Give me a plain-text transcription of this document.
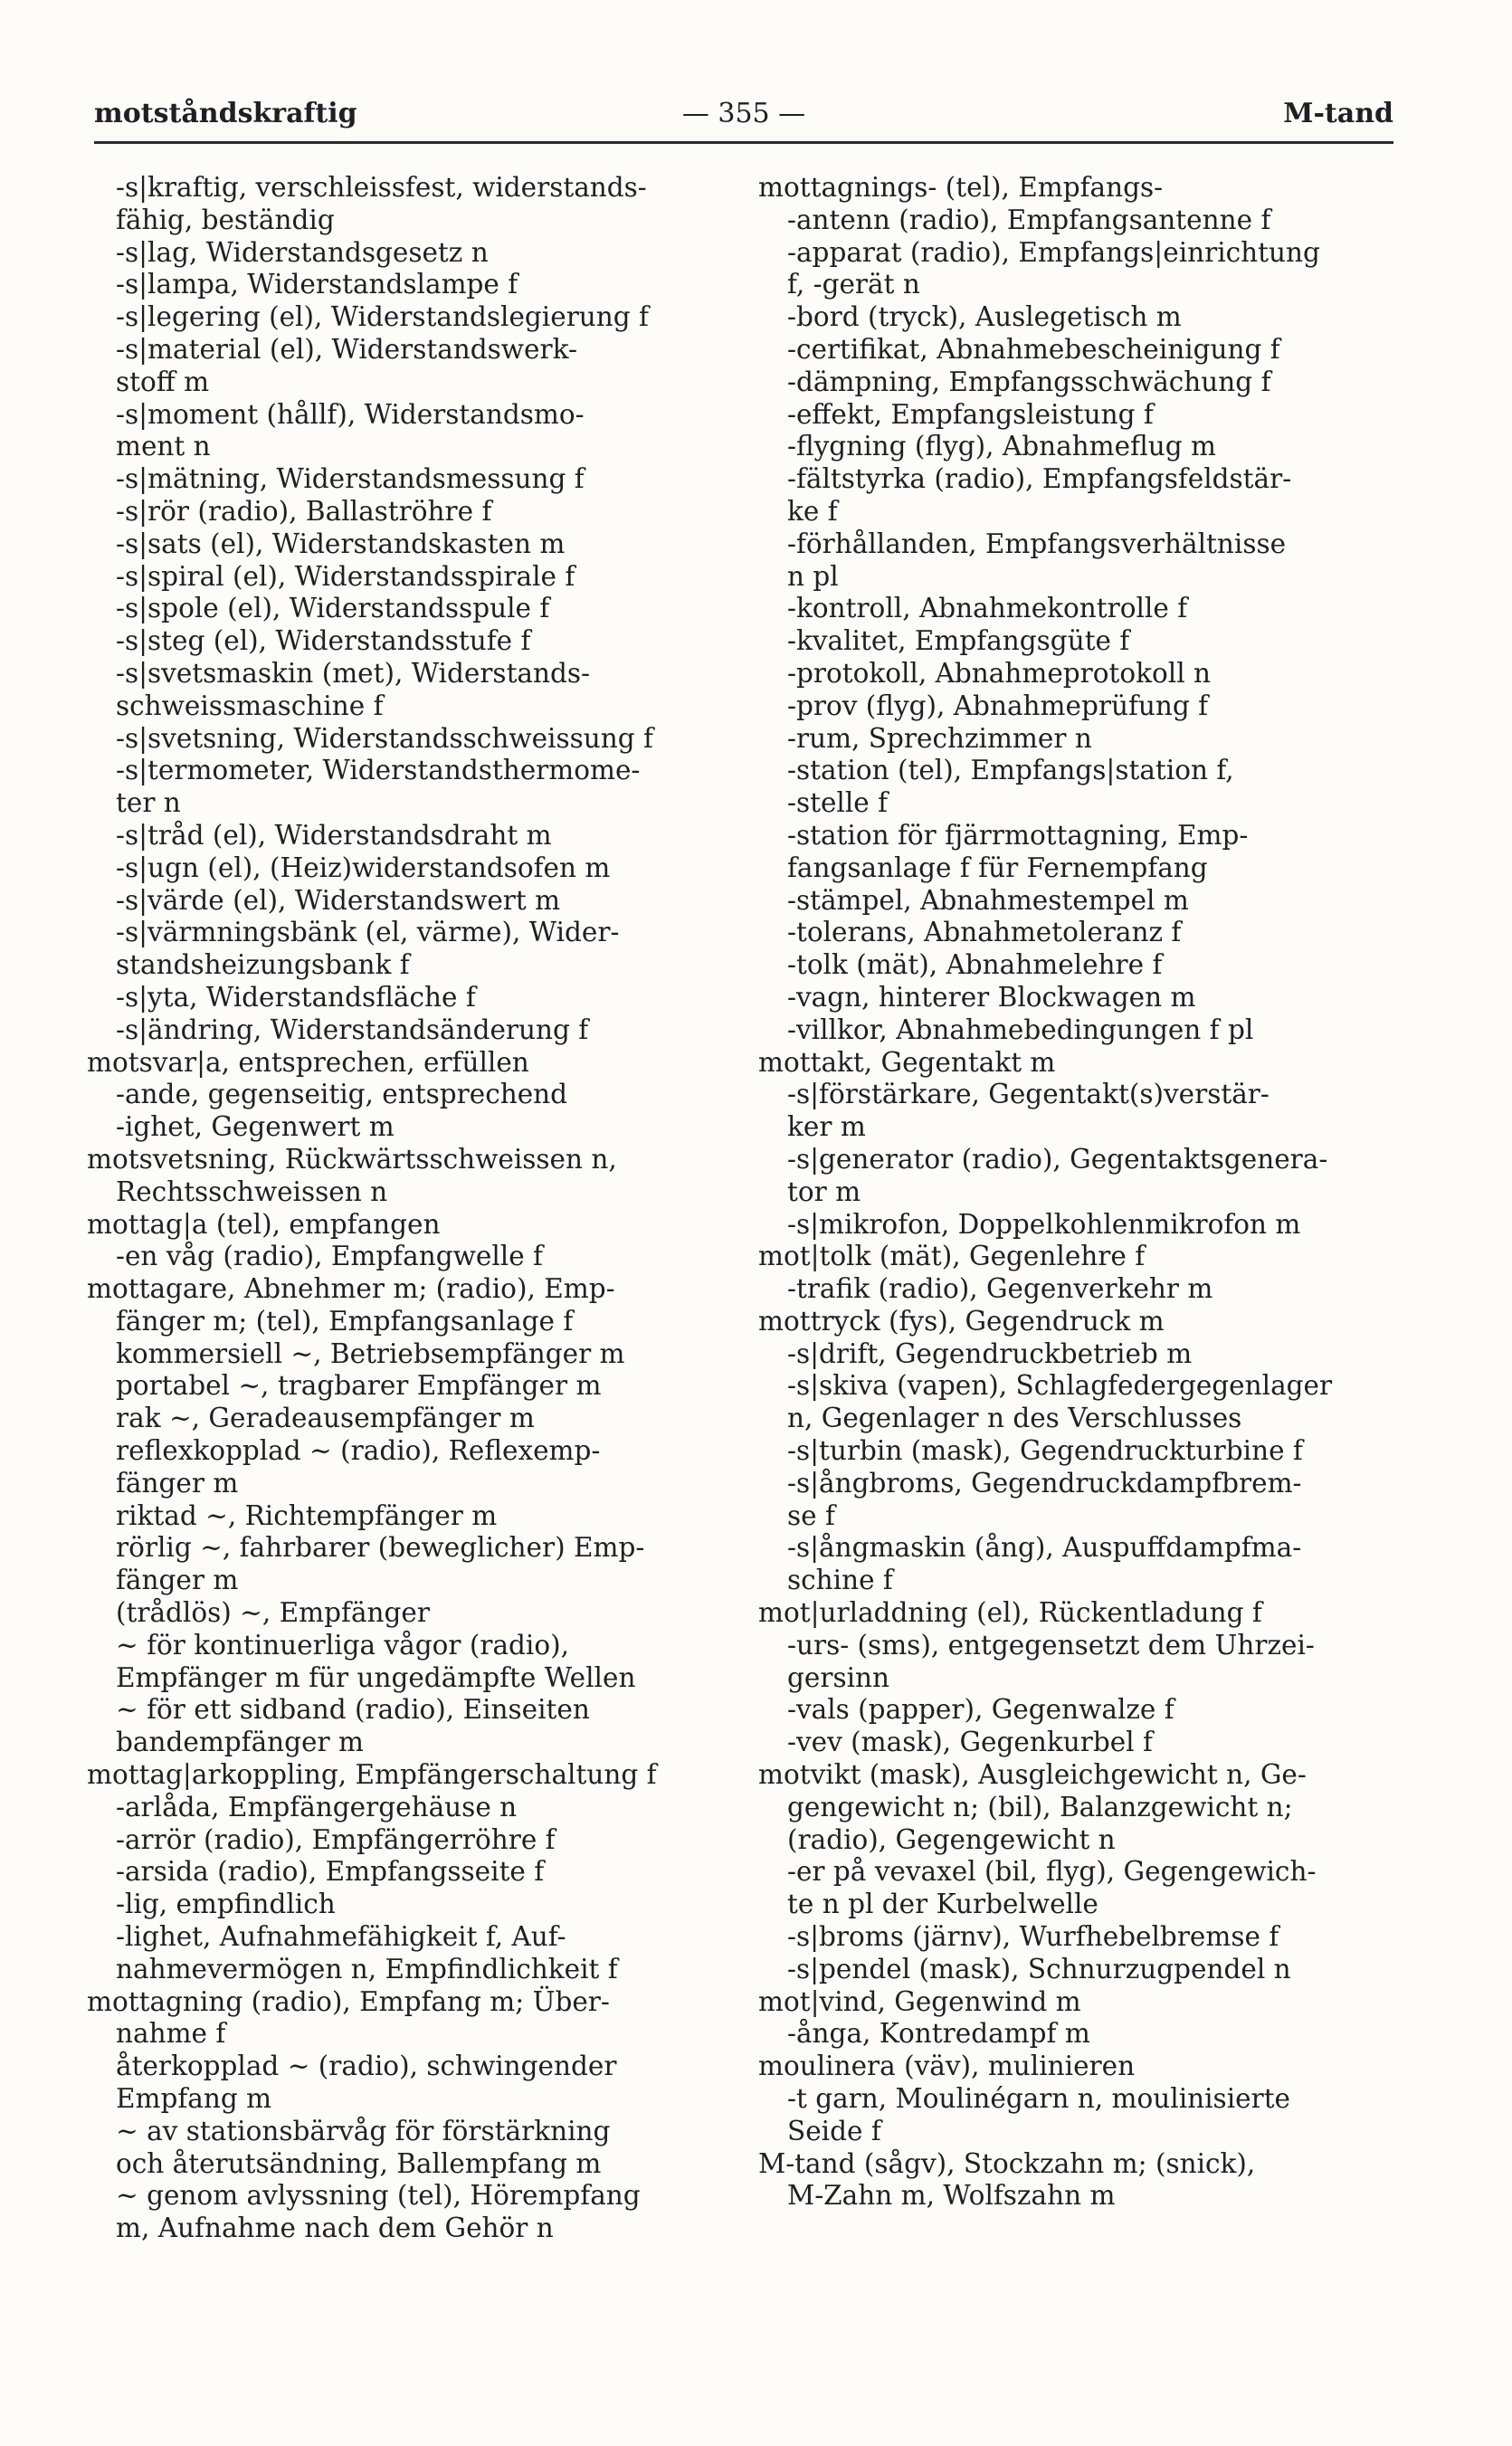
motståndskraftig	— 355 —	M-tand
-s|kraftig, verschleissfest, widerstands-
fähig, beständig
-s|lag, Widerstandsgesetz n
-s|lampa, Widerstandslampe f
-s|legering (el), Widerstandslegierung f
-s|material (el), Widerstandswerk-
stoff m
-s|moment (hållf), Widerstandsmo-
ment n
-s|mätning, Widerstandsmessung f
-s|rör (radio), Ballaströhre f
-s|sats (el), Widerstandskasten m
-s|spiral (el), Widerstandsspirale f
-s|spole (el), Widerstandsspule f
-s|steg (el), Widerstandsstufe f
-s|svetsmaskin (met), Widerstands-
schweissmaschine f
-s|svetsning, Widerstandsschweissung f
-s|termometer, Widerstandsthermome-
ter n
-s|tråd (el), Widerstandsdraht m
-s|ugn (el), (Heiz)widerstandsofen m
-s|värde (el), Widerstandswert m
-s|värmningsbänk (el, värme), Wider-
standsheizungsbank f
-s|yta, Widerstandsfläche f
-s|ändring, Widerstandsänderung f
motsvar|a, entsprechen, erfüllen
-ande, gegenseitig, entsprechend
-ighet, Gegenwert m
motsvetsning, Rückwärtsschweissen n,
Rechtsschweissen n
mottag|a (tel), empfangen
-en våg (radio), Empfangwelle f
mottagare, Abnehmer m; (radio), Emp-
fänger m; (tel), Empfangsanlage f
kommersiell ~, Betriebsempfänger m
portabel ~, tragbarer Empfänger m
rak ~, Geradeausempfänger m
reflexkopplad ~ (radio), Reflexemp-
fänger m
riktad ~, Richtempfänger m
rörlig ~, fahrbarer (beweglicher) Emp-
fänger m
(trådlös) ~, Empfänger
~ för kontinuerliga vågor (radio),
Empfänger m für ungedämpfte Wellen
~ för ett sidband (radio), Einseiten
bandempfänger m
mottag|arkoppling, Empfängerschaltung f
-arlåda, Empfängergehäuse n
-arrör (radio), Empfängerröhre f
-arsida (radio), Empfangsseite f
-lig, empfindlich
-lighet, Aufnahmefähigkeit f, Auf-
nahmevermögen n, Empfindlichkeit f
mottagning (radio), Empfang m; Über-
nahme f
återkopplad ~ (radio), schwingender
Empfang m
~ av stationsbärvåg för förstärkning
och återutsändning, Ballempfang m
~ genom avlyssning (tel), Hörempfang
m, Aufnahme nach dem Gehör n
mottagnings- (tel), Empfangs-
-antenn (radio), Empfangsantenne f
-apparat (radio), Empfangs|einrichtung
f, -gerät n
-bord (tryck), Auslegetisch m
-certifikat, Abnahmebescheinigung f
-dämpning, Empfangsschwächung f
-effekt, Empfangsleistung f
-flygning (flyg), Abnahmeflug m
-fältstyrka (radio), Empfangsfeldstär-
ke f
-förhållanden, Empfangsverhältnisse
n pl
-kontroll, Abnahmekontrolle f
-kvalitet, Empfangsgüte f
-protokoll, Abnahmeprotokoll n
-prov (flyg), Abnahmeprüfung f
-rum, Sprechzimmer n
-station (tel), Empfangs|station f,
-stelle f
-station för fjärrmottagning, Emp-
fangsanlage f für Fernempfang
-stämpel, Abnahmestempel m
-tolerans, Abnahmetoleranz f
-tolk (mät), Abnahmelehre f
-vagn, hinterer Blockwagen m
-villkor, Abnahmebedingungen f pl
mottakt, Gegentakt m
-s|förstärkare, Gegentakt(s)verstär-
ker m
-s|generator (radio), Gegentaktsgenera-
tor m
-s|mikrofon, Doppelkohlenmikrofon m
mot|tolk (mät), Gegenlehre f
-trafik (radio), Gegenverkehr m
mottryck (fys), Gegendruck m
-s|drift, Gegendruckbetrieb m
-s|skiva (vapen), Schlagfedergegenlager
n, Gegenlager n des Verschlusses
-s|turbin (mask), Gegendruckturbine f
-s|ångbroms, Gegendruckdampfbrem-
se f
-s|ångmaskin (ång), Auspuffdampfma-
schine f
mot|urladdning (el), Rückentladung f
-urs- (sms), entgegensetzt dem Uhrzei-
gersinn
-vals (papper), Gegenwalze f
-vev (mask), Gegenkurbel f
motvikt (mask), Ausgleichgewicht n, Ge-
gengewicht n; (bil), Balanzgewicht n;
(radio), Gegengewicht n
-er på vevaxel (bil, flyg), Gegengewich-
te n pl der Kurbelwelle
-s|broms (järnv), Wurfhebelbremse f
-s|pendel (mask), Schnurzugpendel n
mot|vind, Gegenwind m
-ånga, Kontredampf m
moulinera (väv), mulinieren
-t garn, Moulinégarn n, moulinisierte
Seide f
M-tand (sågv), Stockzahn m; (snick),
M-Zahn m, Wolfszahn m
